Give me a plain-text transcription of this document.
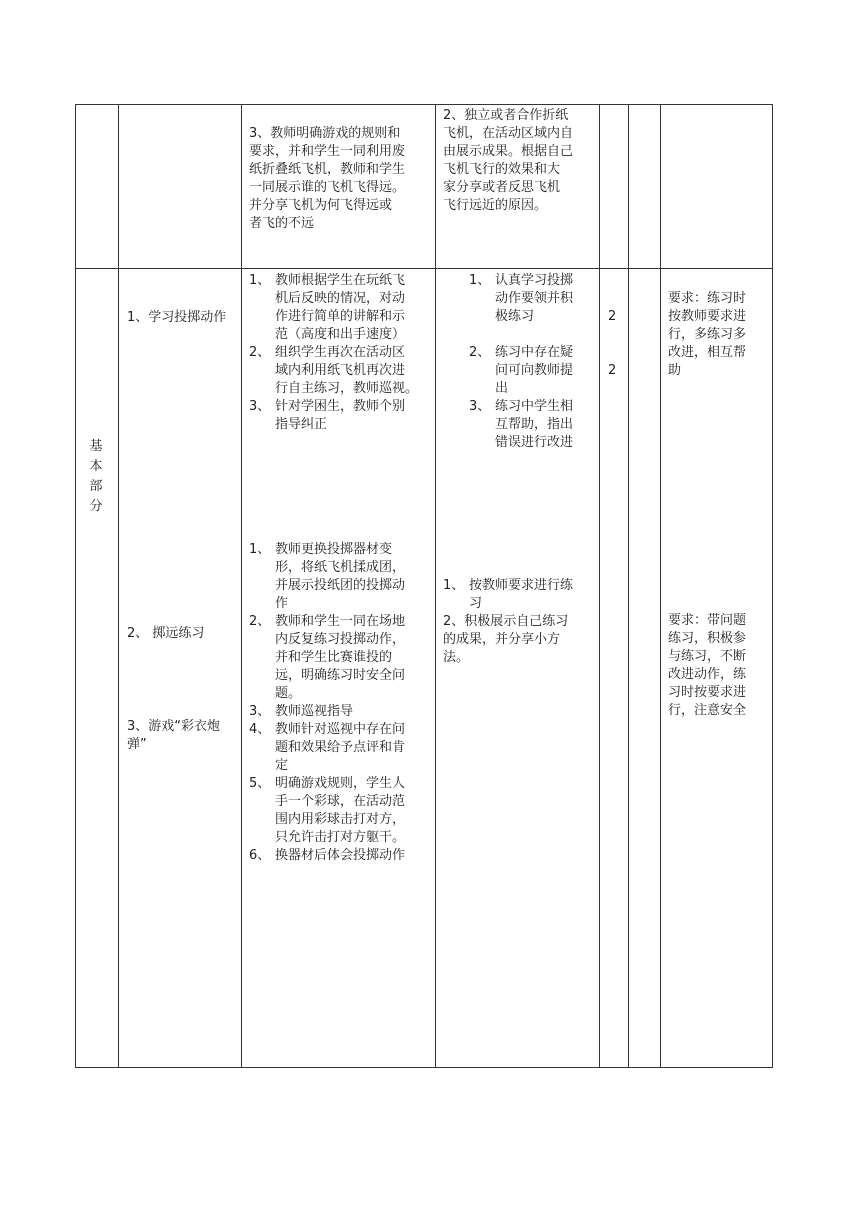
3、教师明确游戏的规则和
要求，并和学生一同利用废
纸折叠纸飞机，教师和学生
一同展示谁的飞机飞得远。
并分享飞机为何飞得远或
者飞的不远
2、独立或者合作折纸
飞机，在活动区域内自
由展示成果。根据自己
飞机飞行的效果和大
家分享或者反思飞机
飞行远近的原因。
基
本
部
分
1、学习投掷动作
2、 掷远练习
3、游戏“彩衣炮
弹”
1、 教师根据学生在玩纸飞
机后反映的情况，对动
作进行简单的讲解和示
范（高度和出手速度）
2、 组织学生再次在活动区
域内利用纸飞机再次进
行自主练习，教师巡视。
3、 针对学困生，教师个别
指导纠正
1、 教师更换投掷器材变
形，将纸飞机揉成团，
并展示投纸团的投掷动
作
2、 教师和学生一同在场地
内反复练习投掷动作，
并和学生比赛谁投的
远，明确练习时安全问
题。
3、 教师巡视指导
4、 教师针对巡视中存在问
题和效果给予点评和肯
定
5、 明确游戏规则，学生人
手一个彩球，在活动范
围内用彩球击打对方，
只允许击打对方躯干。
6、 换器材后体会投掷动作
1、 认真学习投掷
动作要领并积
极练习
2、 练习中存在疑
问可向教师提
出
3、 练习中学生相
互帮助，指出
错误进行改进
1、 按教师要求进行练
习
2、积极展示自己练习
的成果，并分享小方
法。
2
2
要求：练习时
按教师要求进
行，多练习多
改进，相互帮
助
要求：带问题
练习，积极参
与练习，不断
改进动作，练
习时按要求进
行，注意安全
